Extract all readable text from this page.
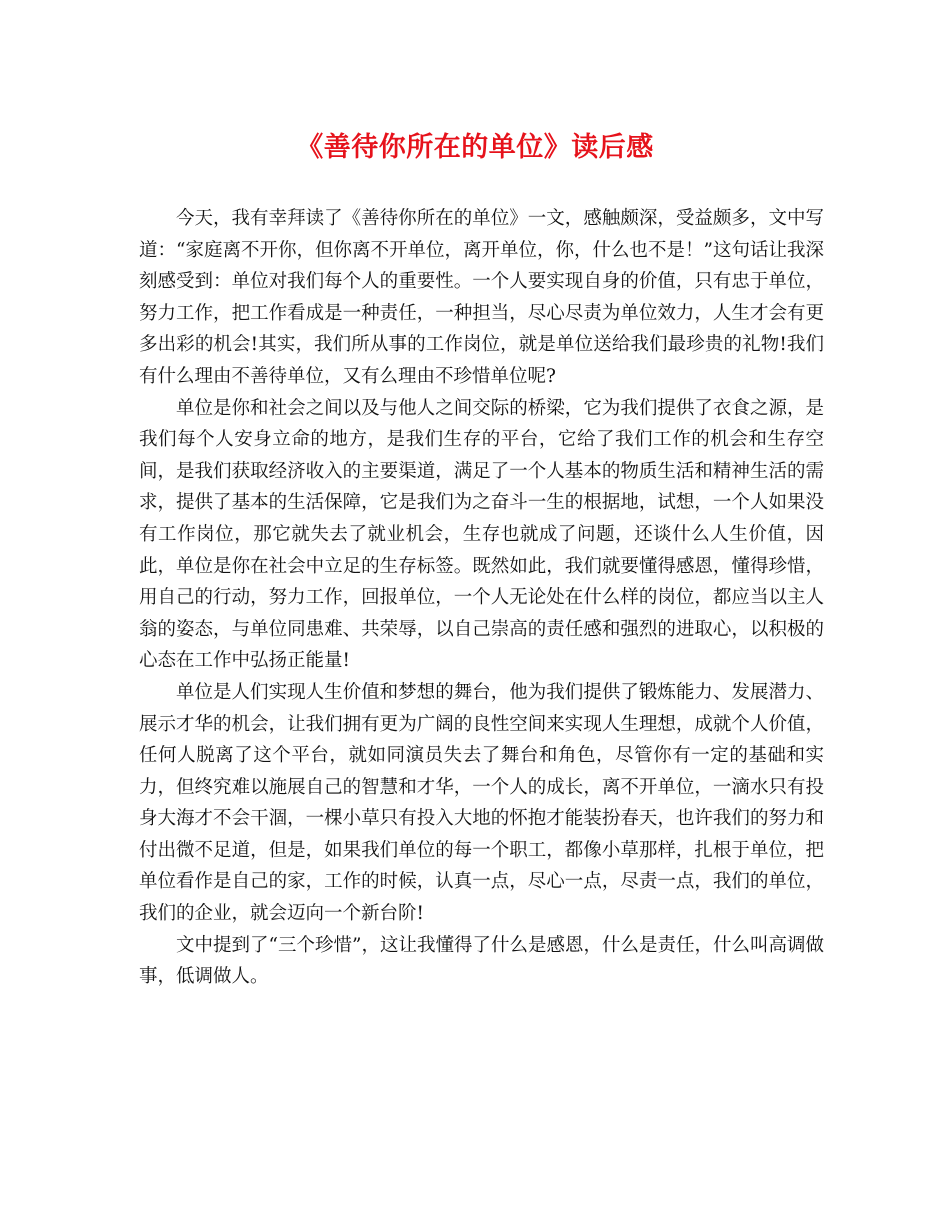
《善待你所在的单位》读后感

今天，我有幸拜读了《善待你所在的单位》一文，感触颇深，受益颇多，文中写道：“家庭离不开你，但你离不开单位，离开单位，你，什么也不是！”这句话让我深刻感受到：单位对我们每个人的重要性。一个人要实现自身的价值，只有忠于单位，努力工作，把工作看成是一种责任，一种担当，尽心尽责为单位效力，人生才会有更多出彩的机会!其实，我们所从事的工作岗位，就是单位送给我们最珍贵的礼物!我们有什么理由不善待单位，又有么理由不珍惜单位呢?

单位是你和社会之间以及与他人之间交际的桥梁，它为我们提供了衣食之源，是我们每个人安身立命的地方，是我们生存的平台，它给了我们工作的机会和生存空间，是我们获取经济收入的主要渠道，满足了一个人基本的物质生活和精神生活的需求，提供了基本的生活保障，它是我们为之奋斗一生的根据地，试想，一个人如果没有工作岗位，那它就失去了就业机会，生存也就成了问题，还谈什么人生价值，因此，单位是你在社会中立足的生存标签。既然如此，我们就要懂得感恩，懂得珍惜，用自己的行动，努力工作，回报单位，一个人无论处在什么样的岗位，都应当以主人翁的姿态，与单位同患难、共荣辱，以自己崇高的责任感和强烈的进取心，以积极的心态在工作中弘扬正能量!

单位是人们实现人生价值和梦想的舞台，他为我们提供了锻炼能力、发展潜力、展示才华的机会，让我们拥有更为广阔的良性空间来实现人生理想，成就个人价值，任何人脱离了这个平台，就如同演员失去了舞台和角色，尽管你有一定的基础和实力，但终究难以施展自己的智慧和才华，一个人的成长，离不开单位，一滴水只有投身大海才不会干涸，一棵小草只有投入大地的怀抱才能装扮春天，也许我们的努力和付出微不足道，但是，如果我们单位的每一个职工，都像小草那样，扎根于单位，把单位看作是自己的家，工作的时候，认真一点，尽心一点，尽责一点，我们的单位，我们的企业，就会迈向一个新台阶!

文中提到了“三个珍惜”，这让我懂得了什么是感恩，什么是责任，什么叫高调做事，低调做人。
